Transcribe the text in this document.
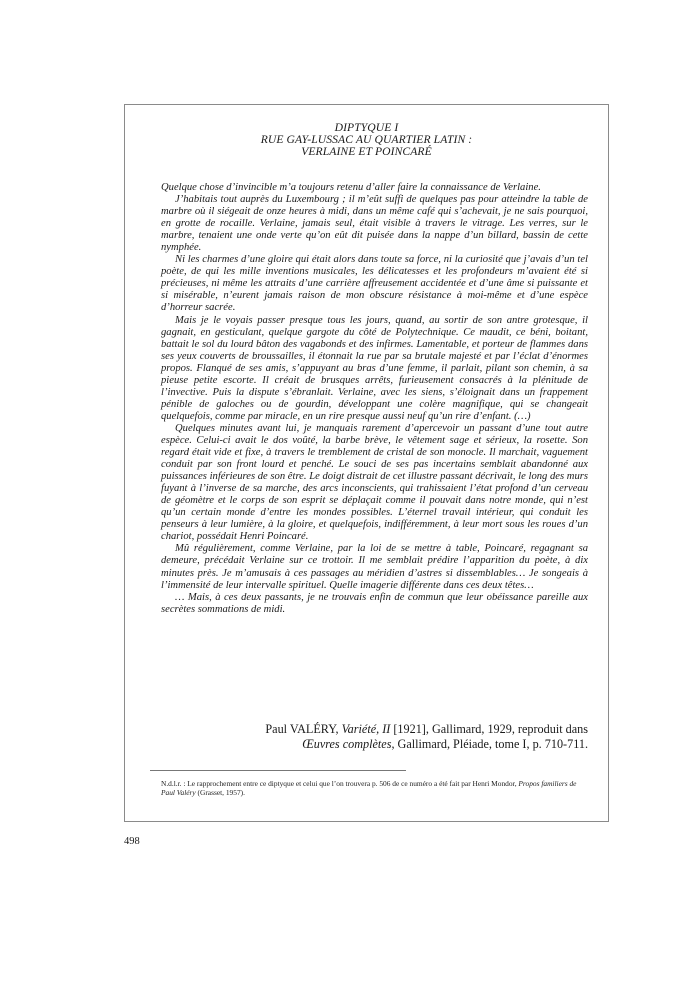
DIPTYQUE I
RUE GAY-LUSSAC AU QUARTIER LATIN :
VERLAINE ET POINCARÉ

Quelque chose d’invincible m’a toujours retenu d’aller faire la connaissance de Verlaine.

J’habitais tout auprès du Luxembourg ; il m’eût suffi de quelques pas pour atteindre la table de marbre où il siégeait de onze heures à midi, dans un même café qui s’achevait, je ne sais pourquoi, en grotte de rocaille. Verlaine, jamais seul, était visible à travers le vitrage. Les verres, sur le marbre, tenaient une onde verte qu’on eût dit puisée dans la nappe d’un billard, bassin de cette nymphée.

Ni les charmes d’une gloire qui était alors dans toute sa force, ni la curiosité que j’avais d’un tel poète, de qui les mille inventions musicales, les délicatesses et les profondeurs m’avaient été si précieuses, ni même les attraits d’une carrière affreusement accidentée et d’une âme si puissante et si misérable, n’eurent jamais raison de mon obscure résistance à moi-même et d’une espèce d’horreur sacrée.

Mais je le voyais passer presque tous les jours, quand, au sortir de son antre grotesque, il gagnait, en gesticulant, quelque gargote du côté de Polytechnique. Ce maudit, ce béni, boitant, battait le sol du lourd bâton des vagabonds et des infirmes. Lamentable, et porteur de flammes dans ses yeux couverts de broussailles, il étonnait la rue par sa brutale majesté et par l’éclat d’énormes propos. Flanqué de ses amis, s’appuyant au bras d’une femme, il parlait, pilant son chemin, à sa pieuse petite escorte. Il créait de brusques arrêts, furieusement consacrés à la plénitude de l’invective. Puis la dispute s’ébranlait. Verlaine, avec les siens, s’éloignait dans un frappement pénible de galoches ou de gourdin, développant une colère magnifique, qui se changeait quelquefois, comme par miracle, en un rire presque aussi neuf qu’un rire d’enfant. (…)

Quelques minutes avant lui, je manquais rarement d’apercevoir un passant d’une tout autre espèce. Celui-ci avait le dos voûté, la barbe brève, le vêtement sage et sérieux, la rosette. Son regard était vide et fixe, à travers le tremblement de cristal de son monocle. Il marchait, vaguement conduit par son front lourd et penché. Le souci de ses pas incertains semblait abandonné aux puissances inférieures de son être. Le doigt distrait de cet illustre passant décrivait, le long des murs fuyant à l’inverse de sa marche, des arcs inconscients, qui trahissaient l’état profond d’un cerveau de géomètre et le corps de son esprit se déplaçait comme il pouvait dans notre monde, qui n’est qu’un certain monde d’entre les mondes possibles. L’éternel travail intérieur, qui conduit les penseurs à leur lumière, à la gloire, et quelquefois, indifféremment, à leur mort sous les roues d’un chariot, possédait Henri Poincaré.

Mû régulièrement, comme Verlaine, par la loi de se mettre à table, Poincaré, regagnant sa demeure, précédait Verlaine sur ce trottoir. Il me semblait prédire l’apparition du poète, à dix minutes près. Je m’amusais à ces passages au méridien d’astres si dissemblables… Je songeais à l’immensité de leur intervalle spirituel. Quelle imagerie différente dans ces deux têtes…

… Mais, à ces deux passants, je ne trouvais enfin de commun que leur obéissance pareille aux secrètes sommations de midi.

Paul VALÉRY, Variété, II [1921], Gallimard, 1929, reproduit dans
Œuvres complètes, Gallimard, Pléiade, tome I, p. 710-711.
N.d.l.r. : Le rapprochement entre ce diptyque et celui que l’on trouvera p. 506 de ce numéro a été fait par Henri Mondor, Propos familiers de Paul Valéry (Grasset, 1957).
498
